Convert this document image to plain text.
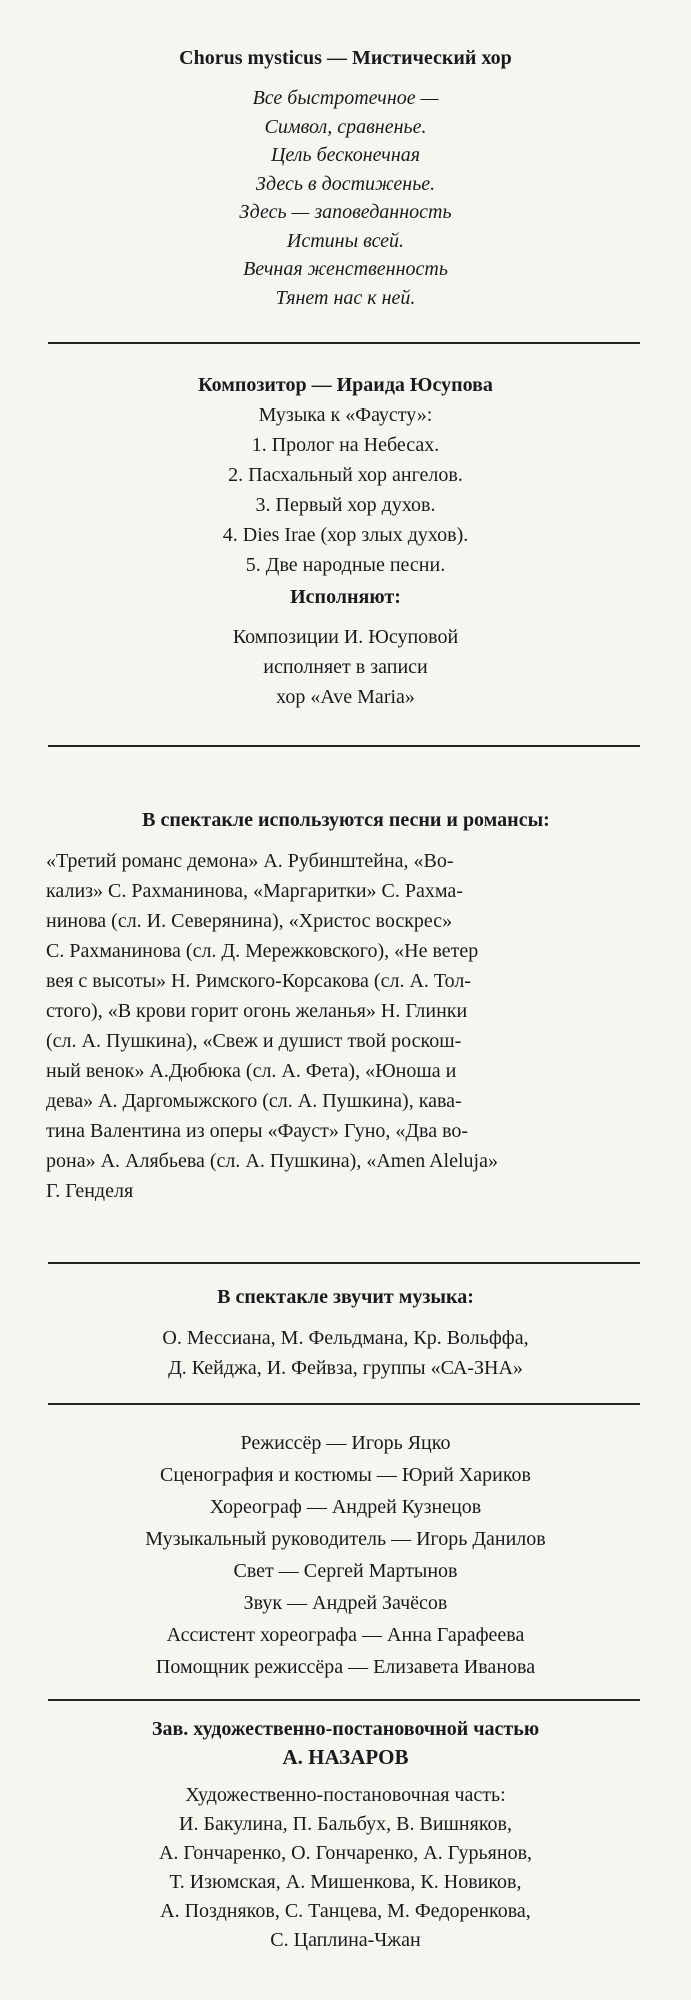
Chorus mysticus — Мистический хор
Все быстротечное —
Символ, сравненье.
Цель бесконечная
Здесь в достиженье.
Здесь — заповеданность
Истины всей.
Вечная женственность
Тянет нас к ней.
Композитор — Ираида Юсупова
Музыка к «Фаусту»:
1. Пролог на Небесах.
2. Пасхальный хор ангелов.
3. Первый хор духов.
4. Dies Irae (хор злых духов).
5. Две народные песни.
Исполняют:
Композиции И. Юсуповой
исполняет в записи
хор «Ave Maria»
В спектакле используются песни и романсы:
«Третий романс демона» А. Рубинштейна, «Во-
кализ» С. Рахманинова, «Маргаритки» С. Рахма-
нинова (сл. И. Северянина), «Христос воскрес»
С. Рахманинова (сл. Д. Мережковского), «Не ветер
вея с высоты» Н. Римского-Корсакова (сл. А. Тол-
стого), «В крови горит огонь желанья» Н. Глинки
(сл. А. Пушкина), «Свеж и душист твой роскош-
ный венок» А.Дюбюка (сл. А. Фета), «Юноша и
дева» А. Даргомыжского (сл. А. Пушкина), кава-
тина Валентина из оперы «Фауст» Гуно, «Два во-
рона» А. Алябьева (сл. А. Пушкина), «Amen Aleluja»
Г. Генделя
В спектакле звучит музыка:
О. Мессиана, М. Фельдмана, Кр. Вольффа,
Д. Кейджа, И. Фейвза, группы «СА-ЗНА»
Режиссёр — Игорь Яцко
Сценография и костюмы — Юрий Хариков
Хореограф — Андрей Кузнецов
Музыкальный руководитель — Игорь Данилов
Свет — Сергей Мартынов
Звук — Андрей Зачёсов
Ассистент хореографа — Анна Гарафеева
Помощник режиссёра — Елизавета Иванова
Зав. художественно-постановочной частью
А. НАЗАРОВ
Художественно-постановочная часть:
И. Бакулина, П. Бальбух, В. Вишняков,
А. Гончаренко, О. Гончаренко, А. Гурьянов,
Т. Изюмская, А. Мишенкова, К. Новиков,
А. Поздняков, С. Танцева, М. Федоренкова,
С. Цаплина-Чжан
